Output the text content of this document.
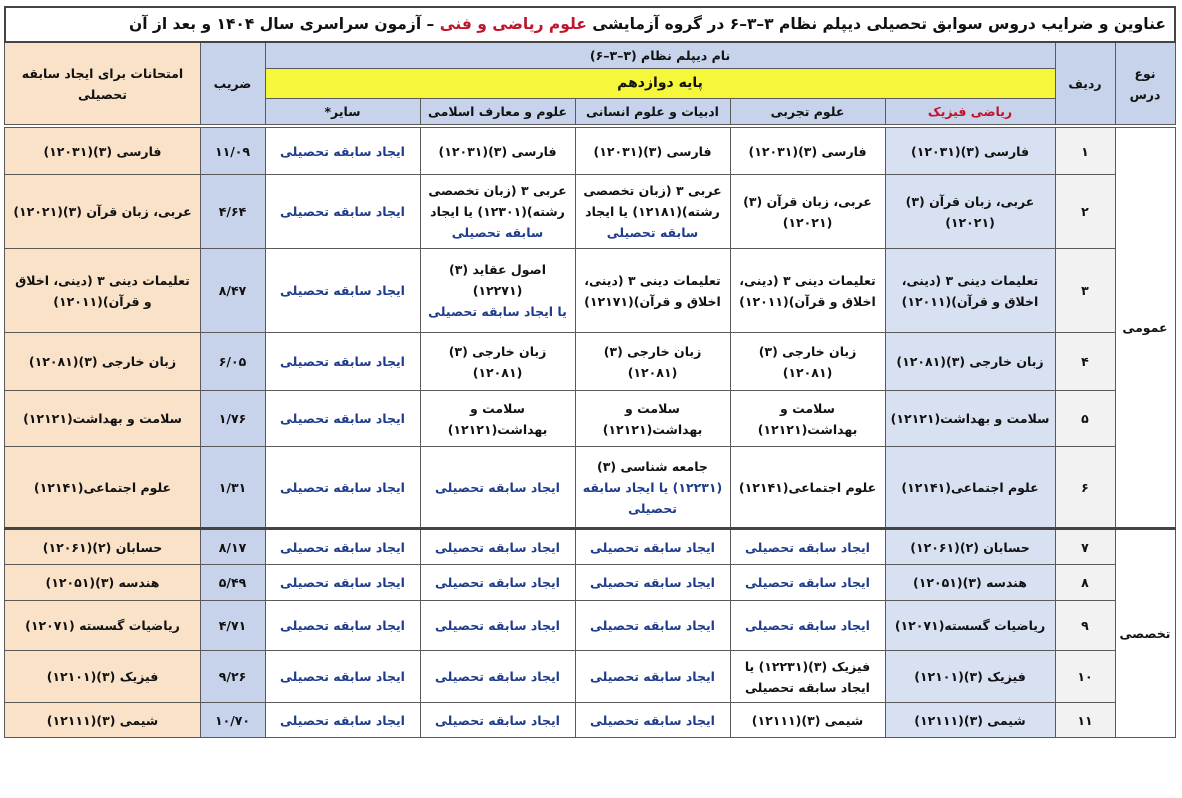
عناوین و ضرایب دروس سوابق تحصیلی دیپلم نظام ۳–۳–۶ در گروه آزمایشی علوم ریاضی و فنی – آزمون سراسری سال ۱۴۰۴ و بعد از آن								
نوع درس	ردیف	نام دیپلم نظام (۳–۳–۶)					ضریب	امتحانات برای ایجاد سابقه تحصیلی
		پایه دوازدهم						
		ریاضی فیزیک	علوم تجربی	ادبیات و علوم انسانی	علوم و معارف اسلامی	سایر*		

عمومی	۱	فارسی (۳)(۱۲۰۳۱)	فارسی (۳)(۱۲۰۳۱)	فارسی (۳)(۱۲۰۳۱)	فارسی (۳)(۱۲۰۳۱)	ایجاد سابقه تحصیلی	۱۱/۰۹	فارسی (۳)(۱۲۰۳۱)
	۲	عربی، زبان قرآن (۳)(۱۲۰۲۱)	عربی، زبان قرآن (۳)(۱۲۰۲۱)	عربی ۳ (زبان تخصصی رشته)(۱۲۱۸۱) یا ایجاد سابقه تحصیلی	عربی ۳ (زبان تخصصی رشته)(۱۲۳۰۱) یا ایجاد سابقه تحصیلی	ایجاد سابقه تحصیلی	۴/۶۴	عربی، زبان قرآن (۳)(۱۲۰۲۱)
	۳	تعلیمات دینی ۳ (دینی، اخلاق و قرآن)(۱۲۰۱۱)	تعلیمات دینی ۳ (دینی، اخلاق و قرآن)(۱۲۰۱۱)	تعلیمات دینی ۳ (دینی، اخلاق و قرآن)(۱۲۱۷۱)	اصول عقاید (۳)(۱۲۲۷۱)
یا ایجاد سابقه تحصیلی	ایجاد سابقه تحصیلی	۸/۴۷	تعلیمات دینی ۳ (دینی، اخلاق و قرآن)(۱۲۰۱۱)
	۴	زبان خارجی (۳)(۱۲۰۸۱)	زبان خارجی (۳)(۱۲۰۸۱)	زبان خارجی (۳)(۱۲۰۸۱)	زبان خارجی (۳)(۱۲۰۸۱)	ایجاد سابقه تحصیلی	۶/۰۵	زبان خارجی (۳)(۱۲۰۸۱)
	۵	سلامت و بهداشت(۱۲۱۲۱)	سلامت و بهداشت(۱۲۱۲۱)	سلامت و بهداشت(۱۲۱۲۱)	سلامت و بهداشت(۱۲۱۲۱)	ایجاد سابقه تحصیلی	۱/۷۶	سلامت و بهداشت(۱۲۱۲۱)
	۶	علوم اجتماعی(۱۲۱۴۱)	علوم اجتماعی(۱۲۱۴۱)	جامعه شناسی (۳)
(۱۲۲۳۱) یا ایجاد سابقه
تحصیلی	ایجاد سابقه تحصیلی	ایجاد سابقه تحصیلی	۱/۳۱	علوم اجتماعی(۱۲۱۴۱)
تخصصی	۷	حسابان (۲)(۱۲۰۶۱)	ایجاد سابقه تحصیلی	ایجاد سابقه تحصیلی	ایجاد سابقه تحصیلی	ایجاد سابقه تحصیلی	۸/۱۷	حسابان (۲)(۱۲۰۶۱)
	۸	هندسه (۳)(۱۲۰۵۱)	ایجاد سابقه تحصیلی	ایجاد سابقه تحصیلی	ایجاد سابقه تحصیلی	ایجاد سابقه تحصیلی	۵/۴۹	هندسه (۳)(۱۲۰۵۱)
	۹	ریاضیات گسسته(۱۲۰۷۱)	ایجاد سابقه تحصیلی	ایجاد سابقه تحصیلی	ایجاد سابقه تحصیلی	ایجاد سابقه تحصیلی	۴/۷۱	ریاضیات گسسته (۱۲۰۷۱)
	۱۰	فیزیک (۳)(۱۲۱۰۱)	فیزیک (۳)(۱۲۲۳۱) یا
ایجاد سابقه تحصیلی	ایجاد سابقه تحصیلی	ایجاد سابقه تحصیلی	ایجاد سابقه تحصیلی	۹/۲۶	فیزیک (۳)(۱۲۱۰۱)
	۱۱	شیمی (۳)(۱۲۱۱۱)	شیمی (۳)(۱۲۱۱۱)	ایجاد سابقه تحصیلی	ایجاد سابقه تحصیلی	ایجاد سابقه تحصیلی	۱۰/۷۰	شیمی (۳)(۱۲۱۱۱)
